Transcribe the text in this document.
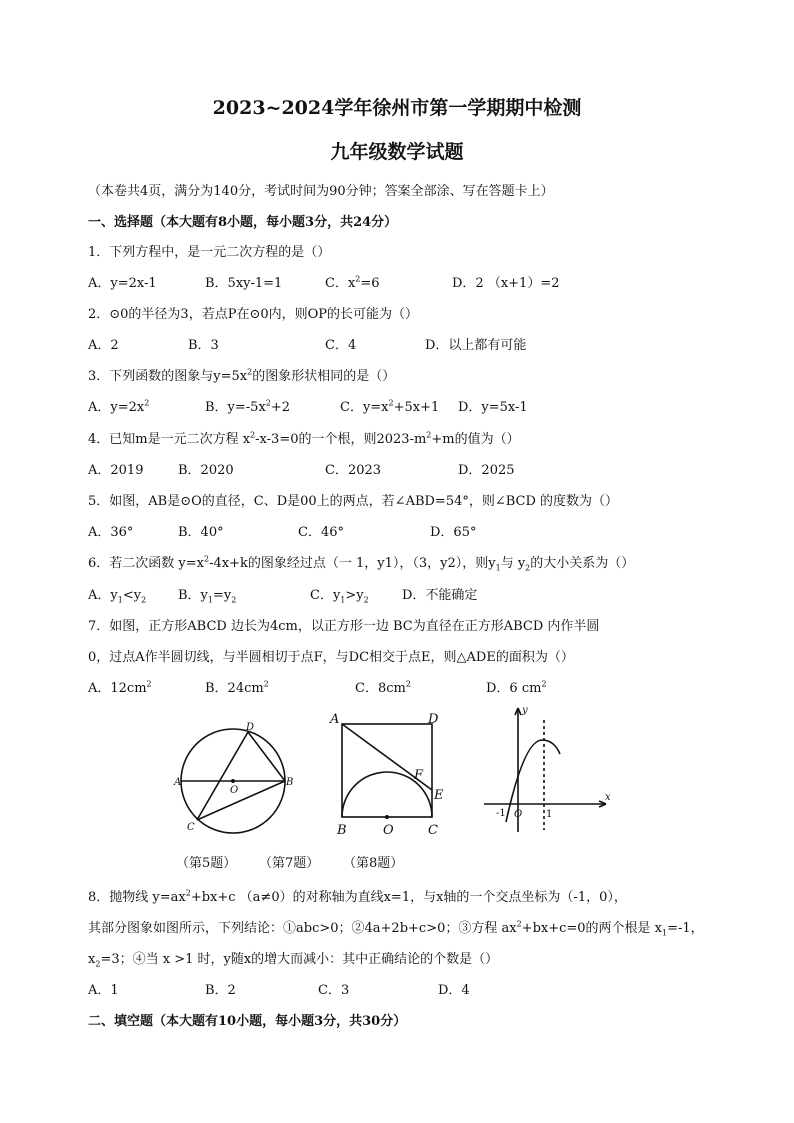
2023~2024学年徐州市第一学期期中检测
九年级数学试题
（本卷共4页，满分为140分，考试时间为90分钟；答案全部涂、写在答题卡上）
一、选择题（本大题有8小题，每小题3分，共24分）
1．下列方程中，是一元二次方程的是（）
A．y=2x-1	B．5xy-1=1	C．$x^2=6$	D．2 （x+1）=2
2．⊙0的半径为3，若点P在⊙0内，则OP的长可能为（）
A．2	B．3	C．4	D．以上都有可能
3．下列函数的图象与$y=5x^2$的图象形状相同的是（）
A．$y=2x^2$	B．$y=-5x^2+2$	C．$y=x^2+5x+1$ D．y=5x-1
4．已知m是一元二次方程 $x^2-x-3=0$的一个根，则$2023-m^2+m$的值为（）
A．2019	B．2020	C．2023	D．2025
5．如图，AB是⊙O的直径，C、D是00上的两点，若∠ABD=54°，则∠BCD 的度数为（）
A．36°	B．40°	C．46°	D．65°
6．若二次函数 $y=x^2-4x+k$的图象经过点（一 1，y1），（3，y2），则$y_1$与 $y_2$的大小关系为（）
A．$y_1<y_2$ B．$y_1=y_2$	C．$y_1>y_2$	D．不能确定
7．如图，正方形ABCD 边长为4cm，以正方形一边 BC为直径在正方形ABCD 内作半圆
0，过点A作半圆切线，与半圆相切于点F，与DC相交于点E，则△ADE的面积为（）
A．$12cm^2$	B．$24cm^2$	C．$8cm^2$	D．6 $cm^2$
A	B
C
D
O
A	D
B	C
O
F
E
y
x
-1 O 1
（第5题） （第7题） （第8题）
8．抛物线 $y=ax^2+bx+c$ （a≠0）的对称轴为直线x=1，与x轴的一个交点坐标为（-1，0），
其部分图象如图所示，下列结论：①abc>0；②4a+2b+c>0；③方程 $ax^2+bx+c=0$的两个根是 $x_1=-1$，
$x_2=3$；④当 x >1 时，y随x的增大而减小：其中正确结论的个数是（）
A．1	B．2	C．3	D．4
二、填空题（本大题有10小题，每小题3分，共30分）
